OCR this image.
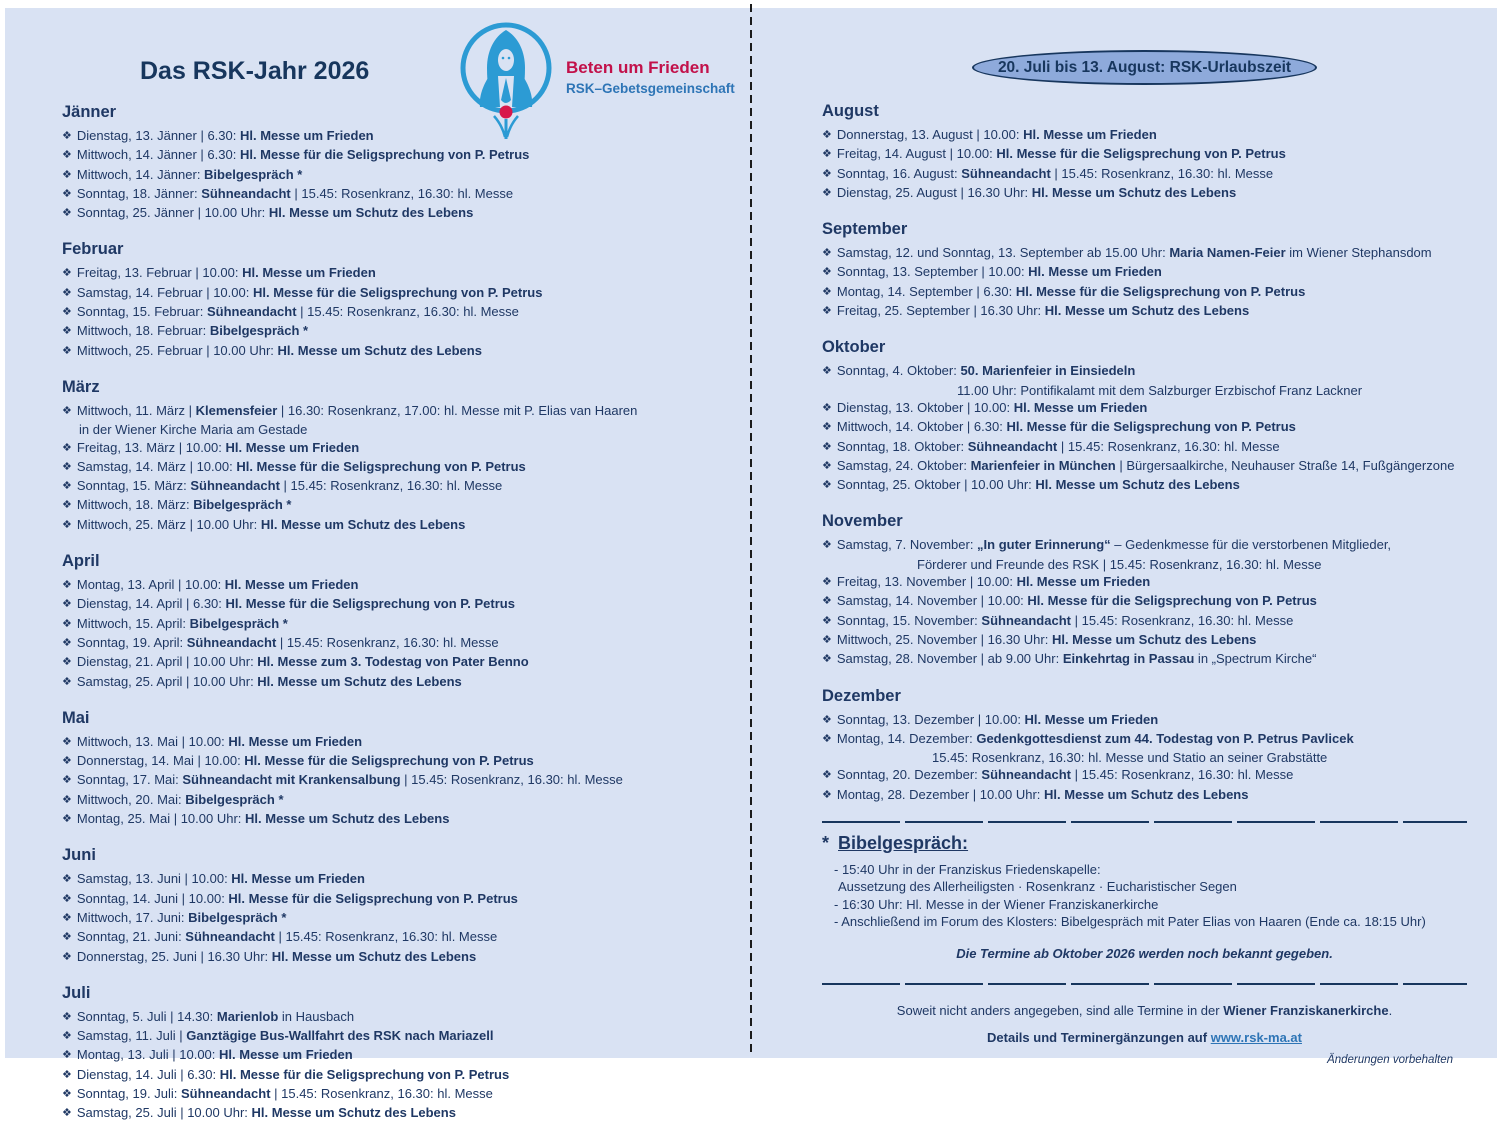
Das RSK-Jahr 2026
Jänner
❖ Dienstag, 13. Jänner | 6.30: Hl. Messe um Frieden
❖ Mittwoch, 14. Jänner | 6.30: Hl. Messe für die Seligsprechung von P. Petrus
❖ Mittwoch, 14. Jänner: Bibelgespräch *
❖ Sonntag, 18. Jänner: Sühneandacht | 15.45: Rosenkranz, 16.30: hl. Messe
❖ Sonntag, 25. Jänner | 10.00 Uhr: Hl. Messe um Schutz des Lebens
Februar
❖ Freitag, 13. Februar | 10.00: Hl. Messe um Frieden
❖ Samstag, 14. Februar | 10.00: Hl. Messe für die Seligsprechung von P. Petrus
❖ Sonntag, 15. Februar: Sühneandacht | 15.45: Rosenkranz, 16.30: hl. Messe
❖ Mittwoch, 18. Februar: Bibelgespräch *
❖ Mittwoch, 25. Februar | 10.00 Uhr: Hl. Messe um Schutz des Lebens
März
❖ Mittwoch, 11. März | Klemensfeier | 16.30: Rosenkranz, 17.00: hl. Messe mit P. Elias van Haaren
in der Wiener Kirche Maria am Gestade
❖ Freitag, 13. März | 10.00: Hl. Messe um Frieden
❖ Samstag, 14. März | 10.00: Hl. Messe für die Seligsprechung von P. Petrus
❖ Sonntag, 15. März: Sühneandacht | 15.45: Rosenkranz, 16.30: hl. Messe
❖ Mittwoch, 18. März: Bibelgespräch *
❖ Mittwoch, 25. März | 10.00 Uhr: Hl. Messe um Schutz des Lebens
April
❖ Montag, 13. April | 10.00: Hl. Messe um Frieden
❖ Dienstag, 14. April | 6.30: Hl. Messe für die Seligsprechung von P. Petrus
❖ Mittwoch, 15. April: Bibelgespräch *
❖ Sonntag, 19. April: Sühneandacht | 15.45: Rosenkranz, 16.30: hl. Messe
❖ Dienstag, 21. April | 10.00 Uhr: Hl. Messe zum 3. Todestag von Pater Benno
❖ Samstag, 25. April | 10.00 Uhr: Hl. Messe um Schutz des Lebens
Mai
❖ Mittwoch, 13. Mai | 10.00: Hl. Messe um Frieden
❖ Donnerstag, 14. Mai | 10.00: Hl. Messe für die Seligsprechung von P. Petrus
❖ Sonntag, 17. Mai: Sühneandacht mit Krankensalbung | 15.45: Rosenkranz, 16.30: hl. Messe
❖ Mittwoch, 20. Mai: Bibelgespräch *
❖ Montag, 25. Mai | 10.00 Uhr: Hl. Messe um Schutz des Lebens
Juni
❖ Samstag, 13. Juni | 10.00: Hl. Messe um Frieden
❖ Sonntag, 14. Juni | 10.00: Hl. Messe für die Seligsprechung von P. Petrus
❖ Mittwoch, 17. Juni: Bibelgespräch *
❖ Sonntag, 21. Juni: Sühneandacht | 15.45: Rosenkranz, 16.30: hl. Messe
❖ Donnerstag, 25. Juni | 16.30 Uhr: Hl. Messe um Schutz des Lebens
Juli
❖ Sonntag, 5. Juli | 14.30: Marienlob in Hausbach
❖ Samstag, 11. Juli | Ganztägige Bus-Wallfahrt des RSK nach Mariazell
❖ Montag, 13. Juli | 10.00: Hl. Messe um Frieden
❖ Dienstag, 14. Juli | 6.30: Hl. Messe für die Seligsprechung von P. Petrus
❖ Sonntag, 19. Juli: Sühneandacht | 15.45: Rosenkranz, 16.30: hl. Messe
❖ Samstag, 25. Juli | 10.00 Uhr: Hl. Messe um Schutz des Lebens
Beten um Frieden
RSK–Gebetsgemeinschaft
20. Juli bis 13. August: RSK-Urlaubszeit
August
❖ Donnerstag, 13. August | 10.00: Hl. Messe um Frieden
❖ Freitag, 14. August | 10.00: Hl. Messe für die Seligsprechung von P. Petrus
❖ Sonntag, 16. August: Sühneandacht | 15.45: Rosenkranz, 16.30: hl. Messe
❖ Dienstag, 25. August | 16.30 Uhr: Hl. Messe um Schutz des Lebens
September
❖ Samstag, 12. und Sonntag, 13. September ab 15.00 Uhr: Maria Namen-Feier im Wiener Stephansdom
❖ Sonntag, 13. September | 10.00: Hl. Messe um Frieden
❖ Montag, 14. September | 6.30: Hl. Messe für die Seligsprechung von P. Petrus
❖ Freitag, 25. September | 16.30 Uhr: Hl. Messe um Schutz des Lebens
Oktober
❖ Sonntag, 4. Oktober: 50. Marienfeier in Einsiedeln
11.00 Uhr: Pontifikalamt mit dem Salzburger Erzbischof Franz Lackner
❖ Dienstag, 13. Oktober | 10.00: Hl. Messe um Frieden
❖ Mittwoch, 14. Oktober | 6.30: Hl. Messe für die Seligsprechung von P. Petrus
❖ Sonntag, 18. Oktober: Sühneandacht | 15.45: Rosenkranz, 16.30: hl. Messe
❖ Samstag, 24. Oktober: Marienfeier in München | Bürgersaalkirche, Neuhauser Straße 14, Fußgängerzone
❖ Sonntag, 25. Oktober | 10.00 Uhr: Hl. Messe um Schutz des Lebens
November
❖ Samstag, 7. November: „In guter Erinnerung“ – Gedenkmesse für die verstorbenen Mitglieder,
Förderer und Freunde des RSK | 15.45: Rosenkranz, 16.30: hl. Messe
❖ Freitag, 13. November | 10.00: Hl. Messe um Frieden
❖ Samstag, 14. November | 10.00: Hl. Messe für die Seligsprechung von P. Petrus
❖ Sonntag, 15. November: Sühneandacht | 15.45: Rosenkranz, 16.30: hl. Messe
❖ Mittwoch, 25. November | 16.30 Uhr: Hl. Messe um Schutz des Lebens
❖ Samstag, 28. November | ab 9.00 Uhr: Einkehrtag in Passau in „Spectrum Kirche“
Dezember
❖ Sonntag, 13. Dezember | 10.00: Hl. Messe um Frieden
❖ Montag, 14. Dezember: Gedenkgottesdienst zum 44. Todestag von P. Petrus Pavlicek
15.45: Rosenkranz, 16.30: hl. Messe und Statio an seiner Grabstätte
❖ Sonntag, 20. Dezember: Sühneandacht | 15.45: Rosenkranz, 16.30: hl. Messe
❖ Montag, 28. Dezember | 10.00 Uhr: Hl. Messe um Schutz des Lebens
* Bibelgespräch:
- 15:40 Uhr in der Franziskus Friedenskapelle:
Aussetzung des Allerheiligsten · Rosenkranz · Eucharistischer Segen
- 16:30 Uhr: Hl. Messe in der Wiener Franziskanerkirche
- Anschließend im Forum des Klosters: Bibelgespräch mit Pater Elias von Haaren (Ende ca. 18:15 Uhr)
Die Termine ab Oktober 2026 werden noch bekannt gegeben.
Soweit nicht anders angegeben, sind alle Termine in der Wiener Franziskanerkirche.
Details und Terminergänzungen auf www.rsk-ma.at
Änderungen vorbehalten
